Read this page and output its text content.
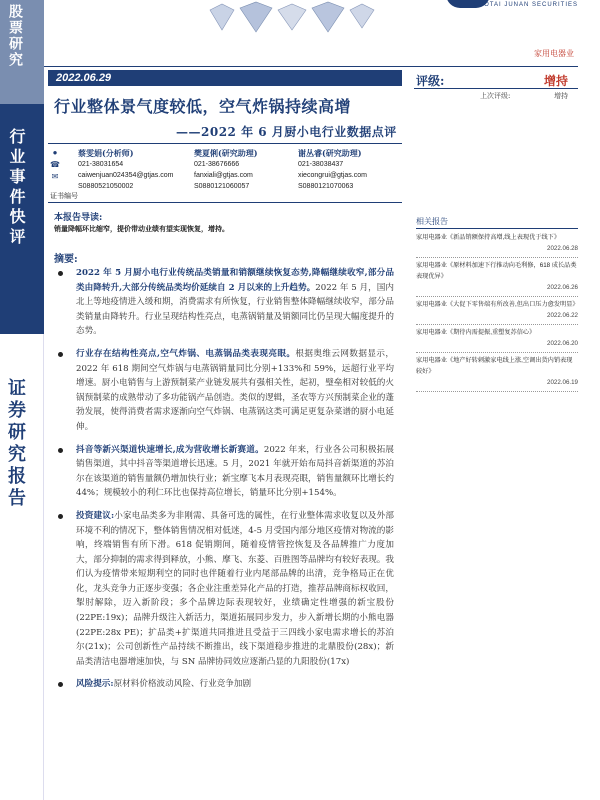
股票研究
行业事件快评
证券研究报告
GUOTAI JUNAN SECURITIES
家用电器业
2022.06.29
行业整体景气度较低，空气炸锅持续高增
——2022 年 6 月厨小电行业数据点评
评级:	增持
上次评级:	增持
●
☎
✉
蔡雯娟(分析师)
021-38031654
caiwenjuan024354@gtjas.com
S0880521050002
樊夏俐(研究助理)
021-38676666
fanxiali@gtjas.com
S0880121060057
谢丛睿(研究助理)
021-38038437
xiecongrui@gtjas.com
S0880121070063
证书编号
本报告导读:
销量降幅环比缩窄，提价带动业绩有望实现恢复，增持。
摘要:
2022 年 5 月厨小电行业传统品类销量和销额继续恢复态势,降幅继续收窄,部分品类由降转升,大部分传统品类均价延续自 2 月以来的上升趋势。2022 年 5 月，国内北上等地疫情进入缓和期，消费需求有所恢复，行业销售整体降幅继续收窄，部分品类销量由降转升。行业呈现结构性亮点，电蒸锅销量及销额同比仍呈现大幅度提升的态势。
行业存在结构性亮点,空气炸锅、电蒸锅品类表现亮眼。根据奥维云网数据显示，2022 年 618 期间空气炸锅与电蒸锅销量同比分别+133%和 59%，远超行业平均增速。厨小电销售与上游预制菜产业链发展共有强相关性，起初，璧垒相对较低的火锅预制菜的成熟带动了多功能锅产品创造。类似的逻辑，圣农等方兴预制菜企业的蓬勃发展，使得消费者需求逐渐向空气炸锅、电蒸锅这类可满足更复杂菜谱的厨小电延伸。
抖音等新兴渠道快速增长,成为营收增长新赛道。2022 年来，行业各公司积极拓展销售渠道，其中抖音等渠道增长迅速。5 月，2021 年就开始布局抖音新渠道的苏泊尔在该渠道的销售量额仍增加快行业；新宝摩飞本月表现亮眼，销售量额环比增长约 44%；规模较小的利仁环比也保持高位增长，销量环比分别+154%。
投资建议:小家电品类多为非刚需、具备可选的属性，在行业整体需求收复以及外部环境不利的情况下，整体销售情况相对低迷，4-5 月受国内部分地区疫情对物流的影响，终端销售有所下滑。618 促销期间，随着疫情管控恢复及各品牌推广力度加大，部分抑制的需求得到释放，小熊、摩飞、东菱、百胜图等品牌均有较好表现。我们认为疫情带来短期利空的同时也伴随着行业内尾部品牌的出清，竞争格局正在优化，龙头竞争力正逐步变强；各企业注重差异化产品的打造，推荐品牌商标权收回，掣肘解除，迈入新阶段；多个品牌边际表现较好，业绩确定性增强的新宝股份(22PE:19x)；品牌升级注入新活力，渠道拓展同步发力，步入新增长期的小熊电器(22PE:28x PE)；扩品类+扩渠道共同推进且受益于三四线小家电需求增长的苏泊尔(21x)；公司创新性产品持续不断推出，线下渠道稳步推进的北鼎股份(28x)；新品类清洁电器增速加快，与 SN 品牌协同效应逐渐凸显的九阳股份(17x)
风险提示:原材料价格波动风险、行业竞争加剧
相关报告
家用电器业《新品销额保持高增,线上表现优于线下》
2022.06.28
家用电器业《原材料加速下行推动向毛利修，618 成长品类表现优异》
2022.06.26
家用电器业《大促下零售端有所改善,但出口压力愈发明显》
2022.06.22
家用电器业《期待内需提振,重塑复苏信心》
2022.06.20
家用电器业《地产好转刺激家电线上涨,空调出货内销表现较好》
2022.06.19
